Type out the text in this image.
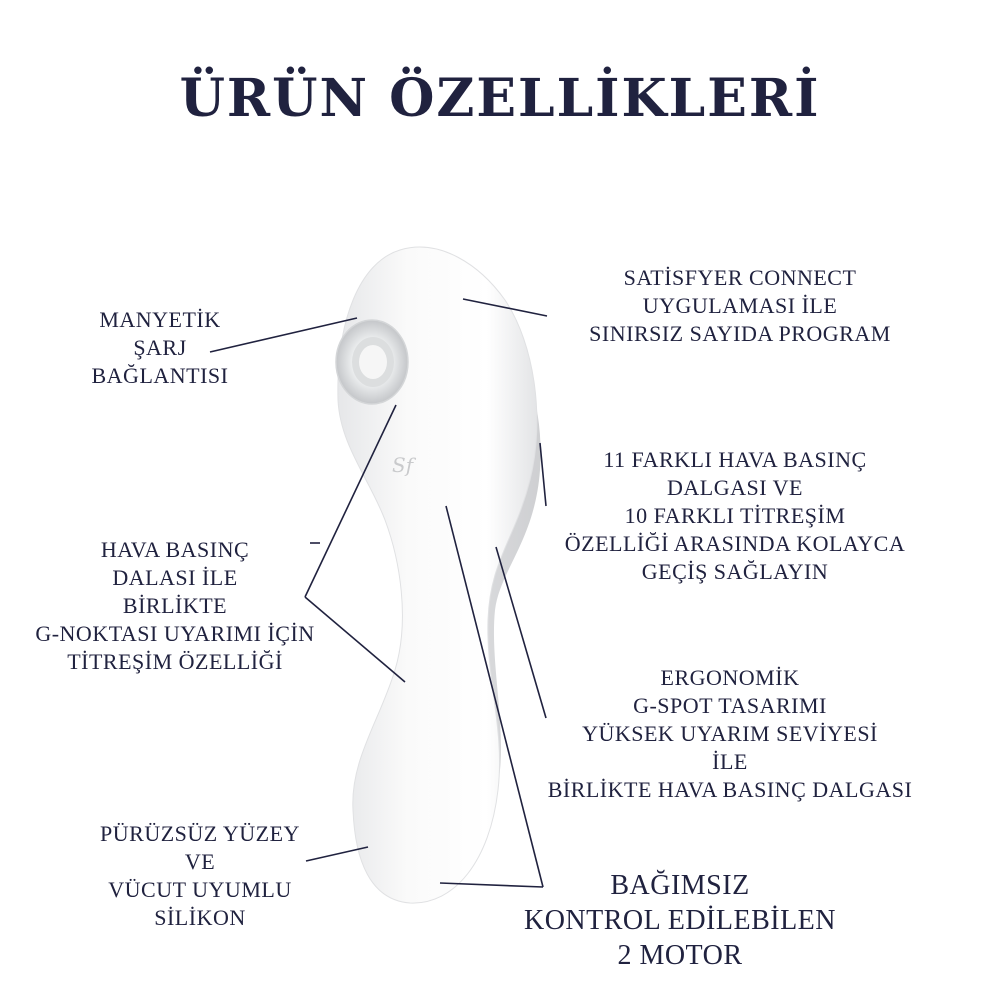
Sf
ÜRÜN ÖZELLİKLERİ
MANYETİK
ŞARJ
BAĞLANTISI
HAVA BASINÇ
DALASI İLE
BİRLİKTE
G-NOKTASI UYARIMI İÇİN
TİTREŞİM ÖZELLİĞİ
PÜRÜZSÜZ YÜZEY
VE
VÜCUT UYUMLU
SİLİKON
SATİSFYER CONNECT
UYGULAMASI İLE
SINIRSIZ SAYIDA PROGRAM
11 FARKLI HAVA BASINÇ
DALGASI VE
10 FARKLI TİTREŞİM
ÖZELLİĞİ ARASINDA KOLAYCA
GEÇİŞ SAĞLAYIN
ERGONOMİK
G-SPOT TASARIMI
YÜKSEK UYARIM SEVİYESİ
İLE
BİRLİKTE HAVA BASINÇ DALGASI
BAĞIMSIZ
KONTROL EDİLEBİLEN
2 MOTOR
